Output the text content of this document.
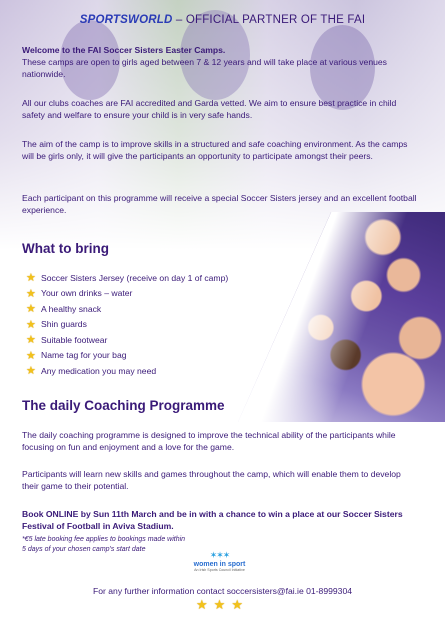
SPORTSWORLD – OFFICIAL PARTNER OF THE FAI
Welcome to the FAI Soccer Sisters Easter Camps.
These camps are open to girls aged between 7 & 12 years and will take place at various venues nationwide.
All our clubs coaches are FAI accredited and Garda vetted. We aim to ensure best practice in child safety and welfare to ensure your child is in very safe hands.
The aim of the camp is to improve skills in a structured and safe coaching environment. As the camps will be girls only, it will give the participants an opportunity to participate amongst their peers.
Each participant on this programme will receive a special Soccer Sisters jersey and an excellent football experience.
What to bring
★ Soccer Sisters Jersey (receive on day 1 of camp)
★ Your own drinks – water
★ A healthy snack
★ Shin guards
★ Suitable footwear
★ Name tag for your bag
★ Any medication you may need
The daily Coaching Programme
The daily coaching programme is designed to improve the technical ability of the participants while focusing on fun and enjoyment and a love for the game.
Participants will learn new skills and games throughout the camp, which will enable them to develop their game to their potential.
Book ONLINE by Sun 11th March and be in with a chance to win a place at our Soccer Sisters Festival of Football in Aviva Stadium.
*€5 late booking fee applies to bookings made within 5 days of your chosen camp's start date
✶✶✶
women in sport
An Irish Sports Council Initiative
For any further information contact soccersisters@fai.ie 01-8999304
★★★
